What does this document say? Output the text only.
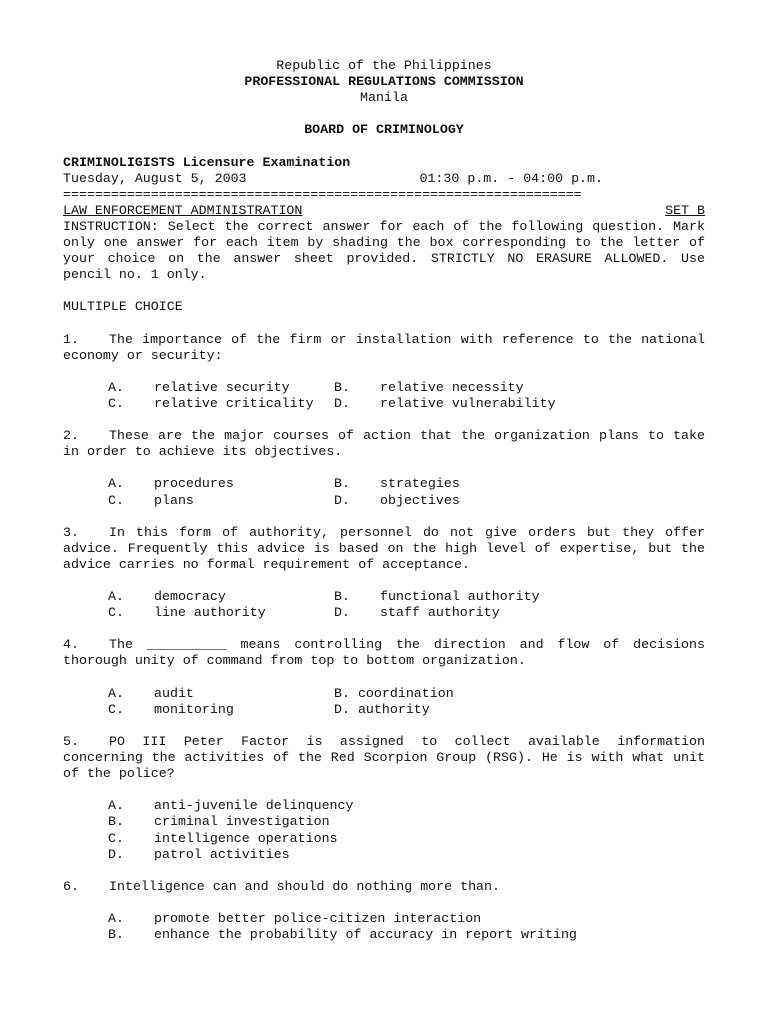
Republic of the Philippines
PROFESSIONAL REGULATIONS COMMISSION
Manila
BOARD OF CRIMINOLOGY
CRIMINOLIGISTS Licensure Examination
Tuesday, August 5, 2003	01:30 p.m. - 04:00 p.m.
=================================================================
LAW ENFORCEMENT ADMINISTRATION	SET B
INSTRUCTION: Select the correct answer for each of the following question. Mark only one answer for each item by shading the box corresponding to the letter of your choice on the answer sheet provided. STRICTLY NO ERASURE ALLOWED. Use pencil no. 1 only.
MULTIPLE CHOICE
1. The importance of the firm or installation with reference to the national economy or security:
A.	relative security	B.	relative necessity
C.	relative criticality	D.	relative vulnerability
2. These are the major courses of action that the organization plans to take in order to achieve its objectives.
A.	procedures	B.	strategies
C.	plans	D.	objectives
3. In this form of authority, personnel do not give orders but they offer advice. Frequently this advice is based on the high level of expertise, but the advice carries no formal requirement of acceptance.
A.	democracy	B.	functional authority
C.	line authority	D.	staff authority
4. The __________ means controlling the direction and flow of decisions thorough unity of command from top to bottom organization.
A.	audit	B. coordination
C.	monitoring	D. authority
5. PO III Peter Factor is assigned to collect available information concerning the activities of the Red Scorpion Group (RSG). He is with what unit of the police?
A.	anti-juvenile delinquency
B.	criminal investigation
C.	intelligence operations
D.	patrol activities
6. Intelligence can and should do nothing more than.
A.	promote better police-citizen interaction
B.	enhance the probability of accuracy in report writing
